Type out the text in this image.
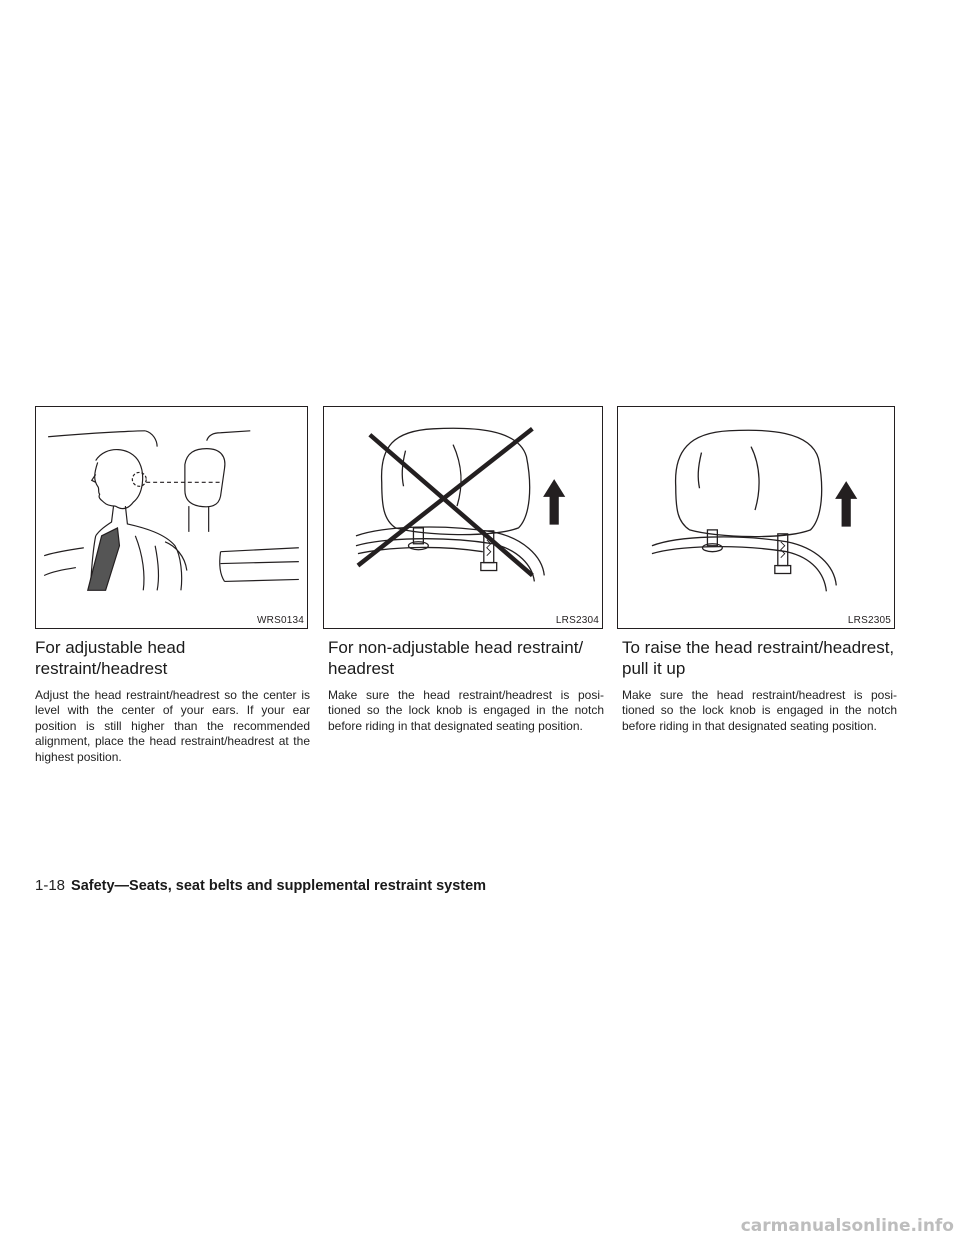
WRS0134	LRS2304	LRS2305
For adjustable head restraint/headrest

Adjust the head restraint/headrest so the center is level with the center of your ears. If your ear position is still higher than the recommended alignment, place the head restraint/headrest at the highest position.

For non-adjustable head restraint/ headrest

Make sure the head restraint/headrest is posi- tioned so the lock knob is engaged in the notch before riding in that designated seating position.

To raise the head restraint/headrest, pull it up

Make sure the head restraint/headrest is posi- tioned so the lock knob is engaged in the notch before riding in that designated seating position.

1-18 Safety—Seats, seat belts and supplemental restraint system
carmanualsonline.info
